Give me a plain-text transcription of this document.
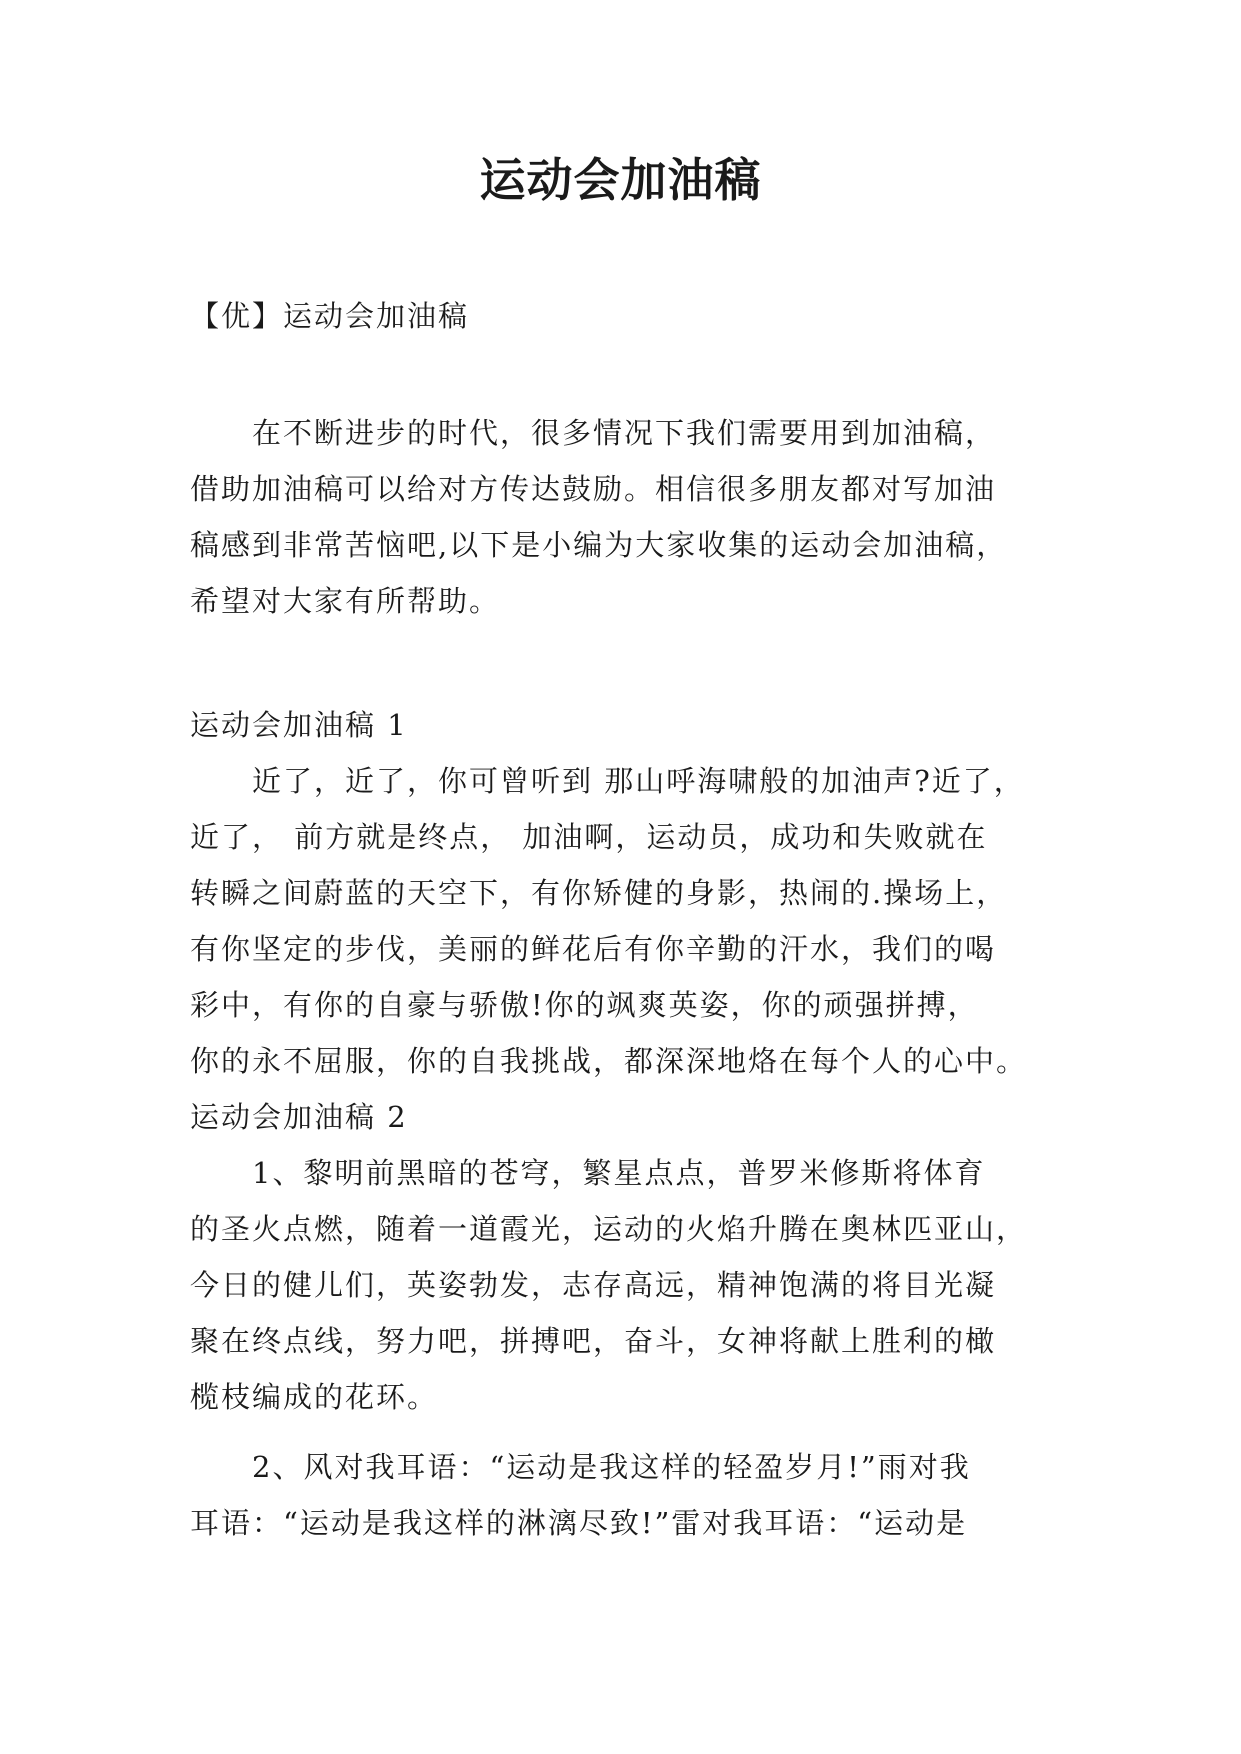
运动会加油稿
【优】运动会加油稿
　　在不断进步的时代，很多情况下我们需要用到加油稿，
借助加油稿可以给对方传达鼓励。相信很多朋友都对写加油
稿感到非常苦恼吧,以下是小编为大家收集的运动会加油稿，
希望对大家有所帮助。
运动会加油稿 1
　　近了，近了，你可曾听到 那山呼海啸般的加油声?近了，
近了， 前方就是终点， 加油啊，运动员，成功和失败就在
转瞬之间蔚蓝的天空下，有你矫健的身影，热闹的.操场上，
有你坚定的步伐，美丽的鲜花后有你辛勤的汗水，我们的喝
彩中，有你的自豪与骄傲!你的飒爽英姿，你的顽强拼搏，
你的永不屈服，你的自我挑战，都深深地烙在每个人的心中。
运动会加油稿 2
　　1、黎明前黑暗的苍穹，繁星点点，普罗米修斯将体育
的圣火点燃，随着一道霞光，运动的火焰升腾在奥林匹亚山，
今日的健儿们，英姿勃发，志存高远，精神饱满的将目光凝
聚在终点线，努力吧，拼搏吧，奋斗，女神将献上胜利的橄
榄枝编成的花环。
　　2、风对我耳语：“运动是我这样的轻盈岁月!”雨对我
耳语：“运动是我这样的淋漓尽致!”雷对我耳语：“运动是
